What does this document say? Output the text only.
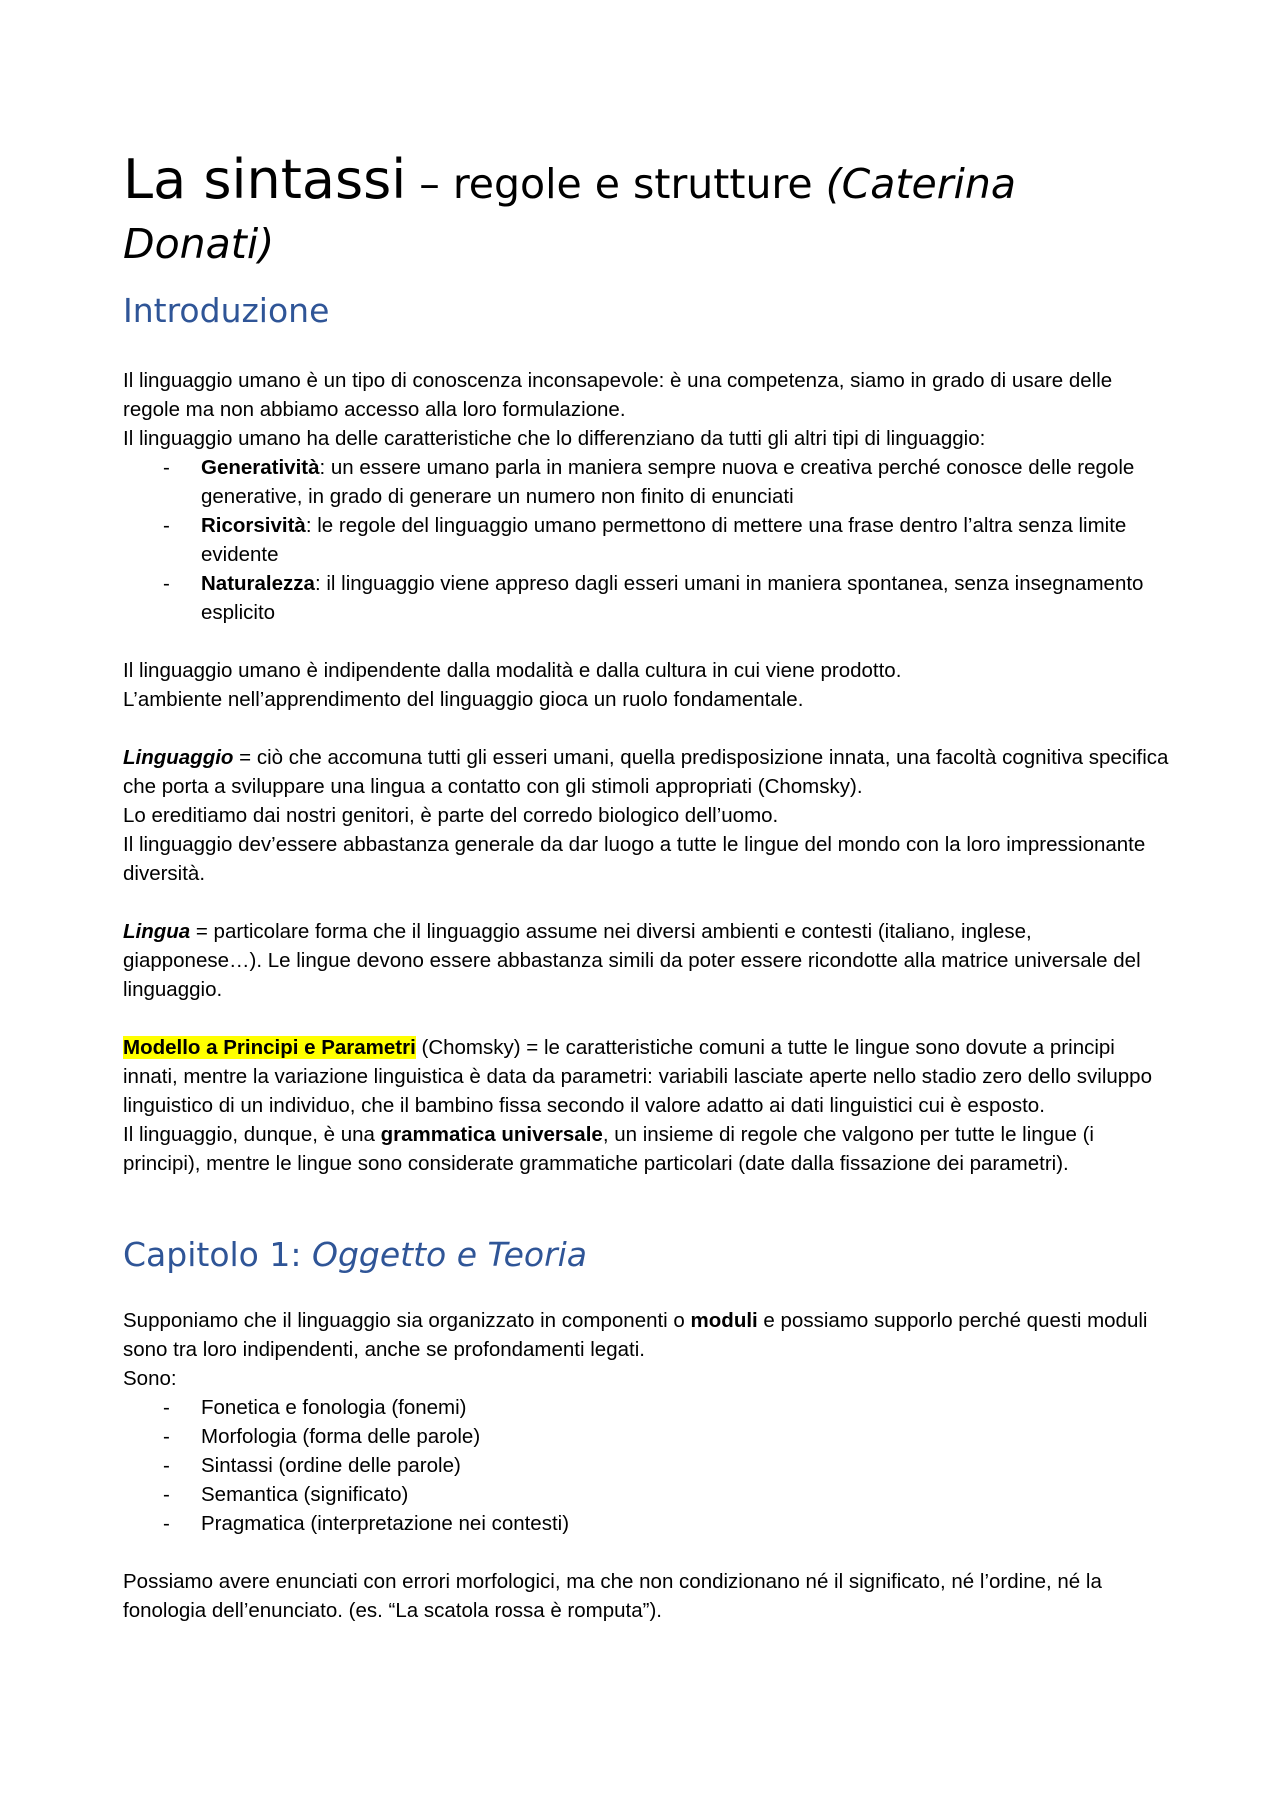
La sintassi – regole e strutture (Caterina Donati)
Introduzione

Il linguaggio umano è un tipo di conoscenza inconsapevole: è una competenza, siamo in grado di usare delle regole ma non abbiamo accesso alla loro formulazione.

Il linguaggio umano ha delle caratteristiche che lo differenziano da tutti gli altri tipi di linguaggio:

- Generatività: un essere umano parla in maniera sempre nuova e creativa perché conosce delle regole generative, in grado di generare un numero non finito di enunciati
- Ricorsività: le regole del linguaggio umano permettono di mettere una frase dentro l’altra senza limite evidente
- Naturalezza: il linguaggio viene appreso dagli esseri umani in maniera spontanea, senza insegnamento esplicito

Il linguaggio umano è indipendente dalla modalità e dalla cultura in cui viene prodotto.

L’ambiente nell’apprendimento del linguaggio gioca un ruolo fondamentale.

Linguaggio = ciò che accomuna tutti gli esseri umani, quella predisposizione innata, una facoltà cognitiva specifica che porta a sviluppare una lingua a contatto con gli stimoli appropriati (Chomsky).

Lo ereditiamo dai nostri genitori, è parte del corredo biologico dell’uomo.

Il linguaggio dev’essere abbastanza generale da dar luogo a tutte le lingue del mondo con la loro impressionante diversità.

Lingua = particolare forma che il linguaggio assume nei diversi ambienti e contesti (italiano, inglese, giapponese…). Le lingue devono essere abbastanza simili da poter essere ricondotte alla matrice universale del linguaggio.

Modello a Principi e Parametri (Chomsky) = le caratteristiche comuni a tutte le lingue sono dovute a principi innati, mentre la variazione linguistica è data da parametri: variabili lasciate aperte nello stadio zero dello sviluppo linguistico di un individuo, che il bambino fissa secondo il valore adatto ai dati linguistici cui è esposto.

Il linguaggio, dunque, è una grammatica universale, un insieme di regole che valgono per tutte le lingue (i principi), mentre le lingue sono considerate grammatiche particolari (date dalla fissazione dei parametri).

Capitolo 1: Oggetto e Teoria

Supponiamo che il linguaggio sia organizzato in componenti o moduli e possiamo supporlo perché questi moduli sono tra loro indipendenti, anche se profondamenti legati.

Sono:

- Fonetica e fonologia (fonemi)
- Morfologia (forma delle parole)
- Sintassi (ordine delle parole)
- Semantica (significato)
- Pragmatica (interpretazione nei contesti)

Possiamo avere enunciati con errori morfologici, ma che non condizionano né il significato, né l’ordine, né la fonologia dell’enunciato. (es. “La scatola rossa è romputa”).
